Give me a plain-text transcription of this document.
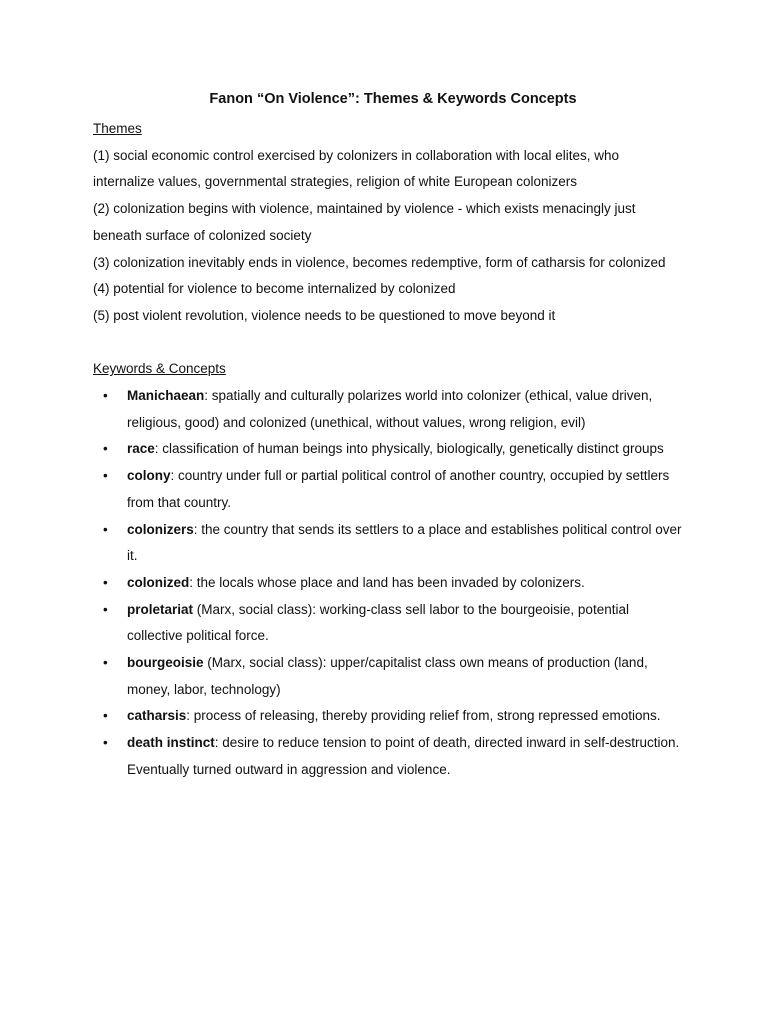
Fanon “On Violence”: Themes & Keywords Concepts
Themes

(1) social economic control exercised by colonizers in collaboration with local elites, who internalize values, governmental strategies, religion of white European colonizers

(2) colonization begins with violence, maintained by violence - which exists menacingly just beneath surface of colonized society

(3) colonization inevitably ends in violence, becomes redemptive, form of catharsis for colonized

(4) potential for violence to become internalized by colonized

(5) post violent revolution, violence needs to be questioned to move beyond it

Keywords & Concepts
• Manichaean: spatially and culturally polarizes world into colonizer (ethical, value driven, religious, good) and colonized (unethical, without values, wrong religion, evil)
• race: classification of human beings into physically, biologically, genetically distinct groups
• colony: country under full or partial political control of another country, occupied by settlers from that country.
• colonizers: the country that sends its settlers to a place and establishes political control over it.
• colonized: the locals whose place and land has been invaded by colonizers.
• proletariat (Marx, social class): working-class sell labor to the bourgeoisie, potential collective political force.
• bourgeoisie (Marx, social class): upper/capitalist class own means of production (land, money, labor, technology)
• catharsis: process of releasing, thereby providing relief from, strong repressed emotions.
• death instinct: desire to reduce tension to point of death, directed inward in self-destruction. Eventually turned outward in aggression and violence.
